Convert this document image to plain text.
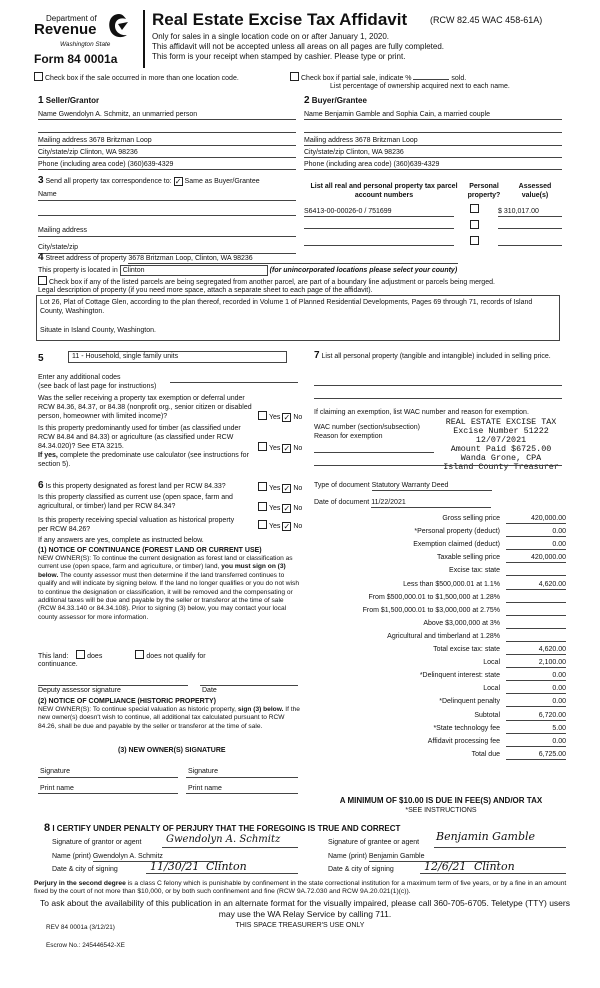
Department of
Revenue
Washington State
Form 84 0001a
Real Estate Excise Tax Affidavit	(RCW 82.45 WAC 458-61A)
Only for sales in a single location code on or after January 1, 2020.
This affidavit will not be accepted unless all areas on all pages are fully completed.
This form is your receipt when stamped by cashier. Please type or print.
Check box if the sale occurred in more than one location code.	Check box if partial sale, indicate %	sold.
List percentage of ownership acquired next to each name.
1 Seller/Grantor
Name Gwendolyn A. Schmitz, an unmarried person
Mailing address 3678 Britzman Loop
City/state/zip Clinton, WA 98236
Phone (including area code) (360)639-4329
2 Buyer/Grantee
Name Benjamin Gamble and Sophia Cain, a married couple
Mailing address 3678 Britzman Loop
City/state/zip Clinton, WA 98236
Phone (including area code) (360)639-4329
3 Send all property tax correspondence to: ✓ Same as Buyer/Grantee
Name
Mailing address
City/state/zip
List all real and personal property tax parcel account numbers
Personal property?
Assessed value(s)
S6413-00-00026-0 / 751699	$ 310,017.00
4 Street address of property 3678 Britzman Loop, Clinton, WA 98236
This property is located in Clinton	(for unincorporated locations please select your county)
Check box if any of the listed parcels are being segregated from another parcel, are part of a boundary line adjustment or parcels being merged.
Legal description of property (if you need more space, attach a separate sheet to each page of the affidavit).
Lot 26, Plat of Cottage Glen, according to the plan thereof, recorded in Volume 1 of Planned Residential Developments, Pages 69 through 71, records of Island County, Washington.
Situate in Island County, Washington.
5	11 - Household, single family units
Enter any additional codes
(see back of last page for instructions)
Was the seller receiving a property tax exemption or deferral under RCW 84.36, 84.37, or 84.38 (nonprofit org., senior citizen or disabled person, homeowner with limited income)?	Yes ✓ No
Is this property predominantly used for timber (as classified under RCW 84.84 and 84.33) or agriculture (as classified under RCW 84.34.020)? See ETA 3215.	Yes ✓ No
If yes, complete the predominate use calculator (see instructions for section 5).
7 List all personal property (tangible and intangible) included in selling price.
If claiming an exemption, list WAC number and reason for exemption.
WAC number (section/subsection)
Reason for exemption
REAL ESTATE EXCISE TAX
Excise Number 51222
12/07/2021
Amount Paid $6725.00
Wanda Grone, CPA
Island County Treasurer
6 Is this property designated as forest land per RCW 84.33?	Yes ✓ No
Is this property classified as current use (open space, farm and agricultural, or timber) land per RCW 84.34?	Yes ✓ No
Is this property receiving special valuation as historical property per RCW 84.26?	Yes ✓ No
If any answers are yes, complete as instructed below.
(1) NOTICE OF CONTINUANCE (FOREST LAND OR CURRENT USE)
NEW OWNER(S): To continue the current designation as forest land or classification as current use (open space, farm and agriculture, or timber) land, you must sign on (3) below. The county assessor must then determine if the land transferred continues to qualify and will indicate by signing below. If the land no longer qualifies or you do not wish to continue the designation or classification, it will be removed and the compensating or additional taxes will be due and payable by the seller or transferor at the time of sale (RCW 84.33.140 or 84.34.108). Prior to signing (3) below, you may contact your local county assessor for more information.
This land:	does	does not qualify for
continuance.
Deputy assessor signature	Date
(2) NOTICE OF COMPLIANCE (HISTORIC PROPERTY)
NEW OWNER(S): To continue special valuation as historic property, sign (3) below. If the new owner(s) doesn't wish to continue, all additional tax calculated pursuant to RCW 84.26, shall be due and payable by the seller or transferor at the time of sale.
(3) NEW OWNER(S) SIGNATURE
Signature	Signature
Print name	Print name
Type of document Statutory Warranty Deed
Date of document 11/22/2021
Gross selling price	420,000.00
*Personal property (deduct)	0.00
Exemption claimed (deduct)	0.00
Taxable selling price	420,000.00
Excise tax: state
Less than $500,000.01 at 1.1%	4,620.00
From $500,000.01 to $1,500,000 at 1.28%
From $1,500,000.01 to $3,000,000 at 2.75%
Above $3,000,000 at 3%
Agricultural and timberland at 1.28%
Total excise tax: state	4,620.00
Local	2,100.00
*Delinquent interest: state	0.00
Local	0.00
*Delinquent penalty	0.00
Subtotal	6,720.00
*State technology fee	5.00
Affidavit processing fee	0.00
Total due	6,725.00
A MINIMUM OF $10.00 IS DUE IN FEE(S) AND/OR TAX
*SEE INSTRUCTIONS
8 I CERTIFY UNDER PENALTY OF PERJURY THAT THE FOREGOING IS TRUE AND CORRECT
Signature of grantor or agent Gwendolyn A. Schmitz
Name (print) Gwendolyn A. Schmitz
Date & city of signing	11/30/21 Clinton
Signature of grantee or agent Benjamin Gamble
Name (print) Benjamin Gamble
Date & city of signing	12/6/21 Clinton
Perjury in the second degree is a class C felony which is punishable by confinement in the state correctional institution for a maximum term of five years, or by a fine in an amount fixed by the court of not more than $10,000, or by both such confinement and fine (RCW 9A.72.030 and RCW 9A.20.021(1)(c)).
To ask about the availability of this publication in an alternate format for the visually impaired, please call 360-705-6705. Teletype (TTY) users may use the WA Relay Service by calling 711.
REV 84 0001a (3/12/21)	THIS SPACE TREASURER'S USE ONLY
Escrow No.: 245446542-XE
